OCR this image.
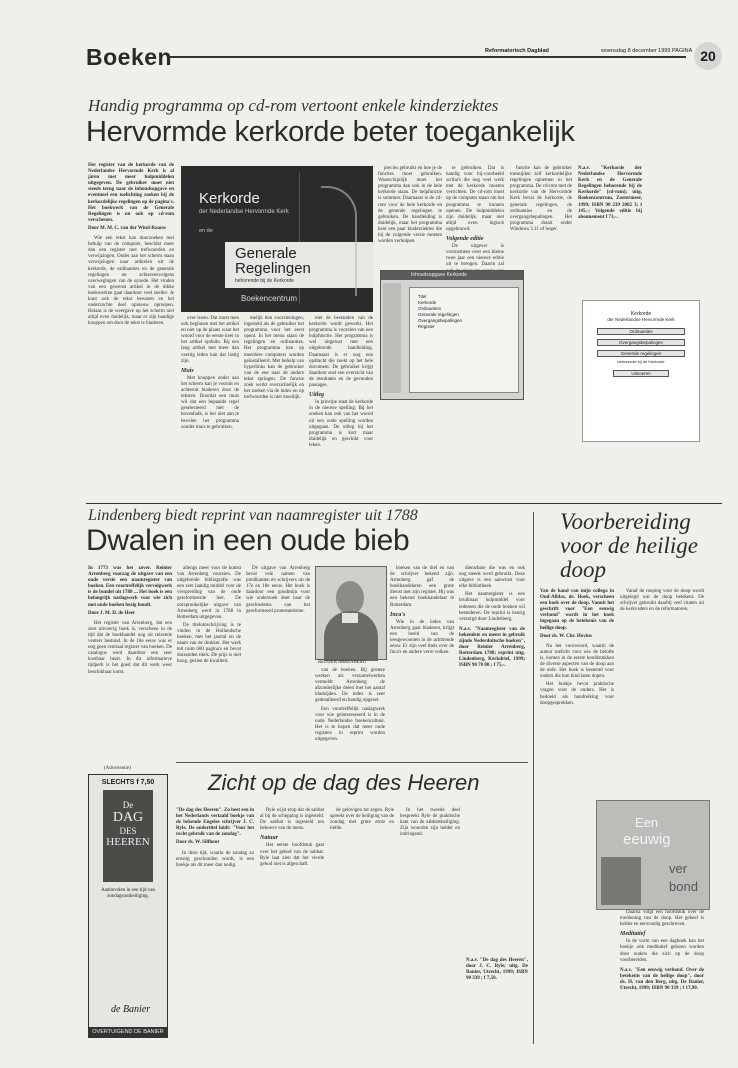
Boeken	Reformatorisch Dagblad	woensdag 8 december 1999 PAGINA 20
Handig programma op cd-rom vertoont enkele kinderziektes
Hervormde kerkorde beter toegankelijk

Het register van de kerkorde van de Nederlandse Hervormde Kerk is al jaren met meer hulpmiddelen uitgegeven. De gebruiker moet niet steeds terug naar de inhoudsopgave en eventueel een toelichting zoeken bij de kerkordelijke regelingen op de pagina's. Het boekwerk van de Generale Regelingen is nu ook op cd-rom verschenen.

Door M. M. C. van der Wind-Raauw

Wie een tekst kan doorzoeken met behulp van de computer, beschikt meer dan een register met trefwoorden en verwijzingen. Onder aan het scherm staan verwijzingen naar artikelen uit de kerkorde, de ordinanties en de generale regelingen en achtereenvolgens overwegingen van de synode. Het vinden van een gewenst artikel in de dikke boekwerken gaat daardoor veel sneller. Je kunt ook de tekst bewaren en het onderzochte deel opnieuw oproepen. Helaas is de weergave op het scherm niet altijd even duidelijk, maar er zijn handige knoppen om door de tekst te bladeren.

Kerkorde
der Nederlandse Hervormde Kerk
en de
Generale Regelingen
behorende bij de Kerkorde
Boekencentrum

over lezen. Dat moet men ook beginnen met het artikel en niet op de plaats waar het woord voor de eerste keer in het artikel opduikt. Bij een lang artikel met meer dan veertig leden kan dat lastig zijn.

Muis

Met knoppen onder aan het scherm kan je vooruit en achteruit bladeren door de teksten. Doordat een muis wil dat een bepaalde regel geselecteerd met de bovenbalk, is het niet aan te bevelen het programma zonder muis te gebruiken.

melijk tien voorzieningen, ingesteld als de gebruiker het programma voor het eerst opent. In het menu staan de regelingen en ordinanties. Het programma kan op meerdere computers worden geïnstalleerd. Met behulp van hyperlinks kan de gebruiker van de ene naar de andere tekst springen. De functie zoek werkt overzichtelijk en het zoeken via de index en op trefwoorden is niet moeilijk.

met de bestanden van de kerkorde wordt gewerkt. Het programma is voorzien van een hulpfunctie. Het programma is wel uitgerust met een uitgebreide handleiding. Daarnaast is er nog een opdracht die zoekt op het hele document. De gebruiker krijgt daardoor snel een overzicht van de resultaten en de gevonden passages.

Uitleg

In principe staat de kerkorde in de nieuwe spelling. Bij het zoeken kan ook van het woord uit een oude spelling worden uitgegaan. De uitleg bij het programma is kort maar duidelijk en geschikt voor leken.

precies gebruikt en hoe je de functies moet gebruiken. Waarschijnlijk moet het programma dan ook in de hele kerkorde staan. De helpfunctie is summier. Daarnaast is de cd-rom voor de hele kerkorde en de generale regelingen te gebruiken. De handleiding is duidelijk, maar het programma kent een paar kinderziektes die bij de volgende versie moeten worden verholpen.

te gebruiken. Dat is handig voor hij-voorbeeld scriba's die nog veel werk met de kerkorde moeten verrichten. De cd-rom moet op de computer staan om het programma te kunnen openen. De hulpmiddelen zijn duidelijk, maar niet altijd even logisch opgebouwd.

Volgende editie

De uitgever is voornemens over een kleine twee jaar een nieuwe editie uit te brengen. Daarin zal

Inhoudsopgave Kerkorde
Titel
Kerkorde
Ordinanties
Generale regelingen
Overgangsbepalingen
Register

functie kan de gebruiker toesnijden zelf kerkordelijke regelingen opnemen in het programma. De cd-rom met de kerkorde van de Hervormde Kerk bevat de kerkorde, de generale regelingen, de ordinanties en de overgangsbepalingen. Het programma draait onder Windows 3.11 of hoger.

N.a.v. "Kerkorde der Nederlandse Hervormde Kerk en de Generale Regelingen behorende bij de Kerkorde" (cd-rom); uitg. Boekencentrum, Zoetermeer, 1999; ISBN 90 239 2002 3; f 145,-; Volgende editie bij abonnement f 73,-.

Kerkorde
der Nederlandse Hervormde Kerk
Ordinanties
Overgangsbepalingen
Generale regelingen
behorende bij de Kerkorde
Uitvoeren
Lindenberg biedt reprint van naamregister uit 1788
Dwalen in een oude bieb

In 1773 was het zover. Reinier Arrenberg voorzag de uitgave van een oude versie een naamregister van boeken. Een voortreffelijk vervolgwerk is de bundel uit 1788 ... Het boek is een belangrijk naslagwerk voor wie zich met oude boeken bezig houdt.

Door J. M. D. de Heer

Het register van Arrenberg, dat een zeer uitvoerig boek is, verscheen in de tijd dat de boekhandel nog uit reizende venters bestond. In de 18e eeuw was er nog geen centraal register van boeken. De catalogus werd daardoor een zeer kostbaar bezit. In dit informatieve tijdperk is het goed dat dit werk weer beschikbaar komt.

allengs meer voor de komst van Arrenberg voorzien. De uitgebreide bibliografie was een zeer handig middel voor de verspreiding van de oude gereformeerde leer. De oorspronkelijke uitgave van Arrenberg werd in 1788 in Rotterdam uitgegeven.

De titelomschrijving is te vinden in de Hollandsche boeken, met het jaartal en de naam van de drukker. Het werk telt ruim 600 pagina's en bevat duizenden titels. De prijs is niet hoog, gezien de kwaliteit.

De uitgave van Arrenberg bevat vele namen van predikanten en schrijvers uit de 17e en 18e eeuw. Het boek is daardoor een goudmijn voor wie onderzoek doet naar de geschiedenis van het gereformeerd protestantisme.

REINIER ARRENBERG

van de boeken. Bij grotere werken als verzamelwerken vermeldt Arrenberg de afzonderlijke delen met het aantal bladzijden. De index is zeer gedetailleerd en handig opgezet.

Een voortreffelijk naslagwerk voor wie geïnteresseerd is in de oude Nederlandse boekencultuur. Het is te hopen dat meer oude registers in reprint worden uitgegeven.

boeken van de titel en van de schrijver bekend zijn. Arrenberg gaf de boekhandelaren een grote dienst met zijn register. Hij was een bekend boekhandelaar te Rotterdam.

Inca's

Wie in de index van Arrenberg gaat bladeren, krijgt een beeld van de leesgewoonten in de achttiende eeuw. Er zijn veel titels over de Inca's en andere verre volken.

dienstbare die was en ook nog steeds werd gebruikt. Deze uitgave is een aanwinst voor elke bibliotheek.

Het naamregister is een bruikbaar hulpmiddel voor iedereen die de oude boeken wil bestuderen. De reprint is keurig verzorgd door Lindenberg.

N.a.v. "Naamregister van de bekendste en meest in gebruik zijnde Nederduitsche boeken", door Reinier Arrenberg, Rotterdam 1788; reprint uitg. Lindenberg, Kerkdriel, 1999; ISBN 90 70 80 ; f 75,-.

Voorbereiding voor de heilige doop

Van de hand van mijn collega in Oud-Alblas, ds. Hoek, verscheen een boek over de doop. Vanuit het geschrift voor "Een eeuwig verbond" wordt in het boek ingegaan op de betekenis van de heilige doop.

Door ds. W. Chr. Hovius

Na het voorwoord, waarin de auteur toelicht voor wie de belofte is, komen in de eerste hoofdstukken de diverse aspecten van de doop aan de orde. Het boek is bestemd voor ouders die hun kind laten dopen.

Het boekje bevat praktische vragen voor de ouders. Het is bedoeld als handreiking voor doopgesprekken.

Vanaf de roeping voor de doop wordt uitgelegd wat de doop betekent. De schrijver gebruikt daarbij veel citaten uit de kerkvaders en de reformatoren.

Een
eeuwig
ver
bond

Daarna volgt een hoofdstuk over de toediening van de doop. Het geheel is helder en eenvoudig geschreven.

Meditatief

In de vorm van een dagboek kan het boekje ook meditatief gelezen worden door ouders die zich op de doop voorbereiden.

N.a.v. "Een eeuwig verbond. Over de betekenis van de heilige doop", door ds. H. van den Berg, uitg. De Banier, Utrecht, 1999; ISBN 90 339 ; f 17,90.

(Advertentie)
SLECHTS f 7,50
De
DAG
DES
HEEREN
Aanbevolen in een tijd van zondagsontheiliging.
de Banier
OVERTUIGEND DE BANIER
Zicht op de dag des Heeren

"De dag des Heeren". Zo heet een in het Nederlands vertaald boekje van de bekende Engelse schrijver J. C. Ryle. De ondertitel luidt: "Voor het recht gebruik van de zondag".

Door ds. W. Silfhout

In deze tijd, waarin de zondag zo ernstig geschonden wordt, is een boekje als dit meer dan nodig.

Ryle wijst erop dat de sabbat al bij de schepping is ingesteld. De sabbat is ingesteld ten behoeve van de mens.

Natuur

Het eerste hoofdstuk gaat over het gebod van de sabbat. Ryle laat zien dat het vierde gebod niet is afgeschaft.

de gelovigen tot zegen. Ryle spreekt over de heiliging van de zondag met grote ernst en liefde.

In het tweede deel bespreekt Ryle de praktische kant van de sabbatsheiliging. Zijn woorden zijn helder en indringend.

N.a.v. "De dag des Heeren", door J. C. Ryle; uitg. De Banier, Utrecht, 1999; ISBN 90 339 ; f 7,50.
